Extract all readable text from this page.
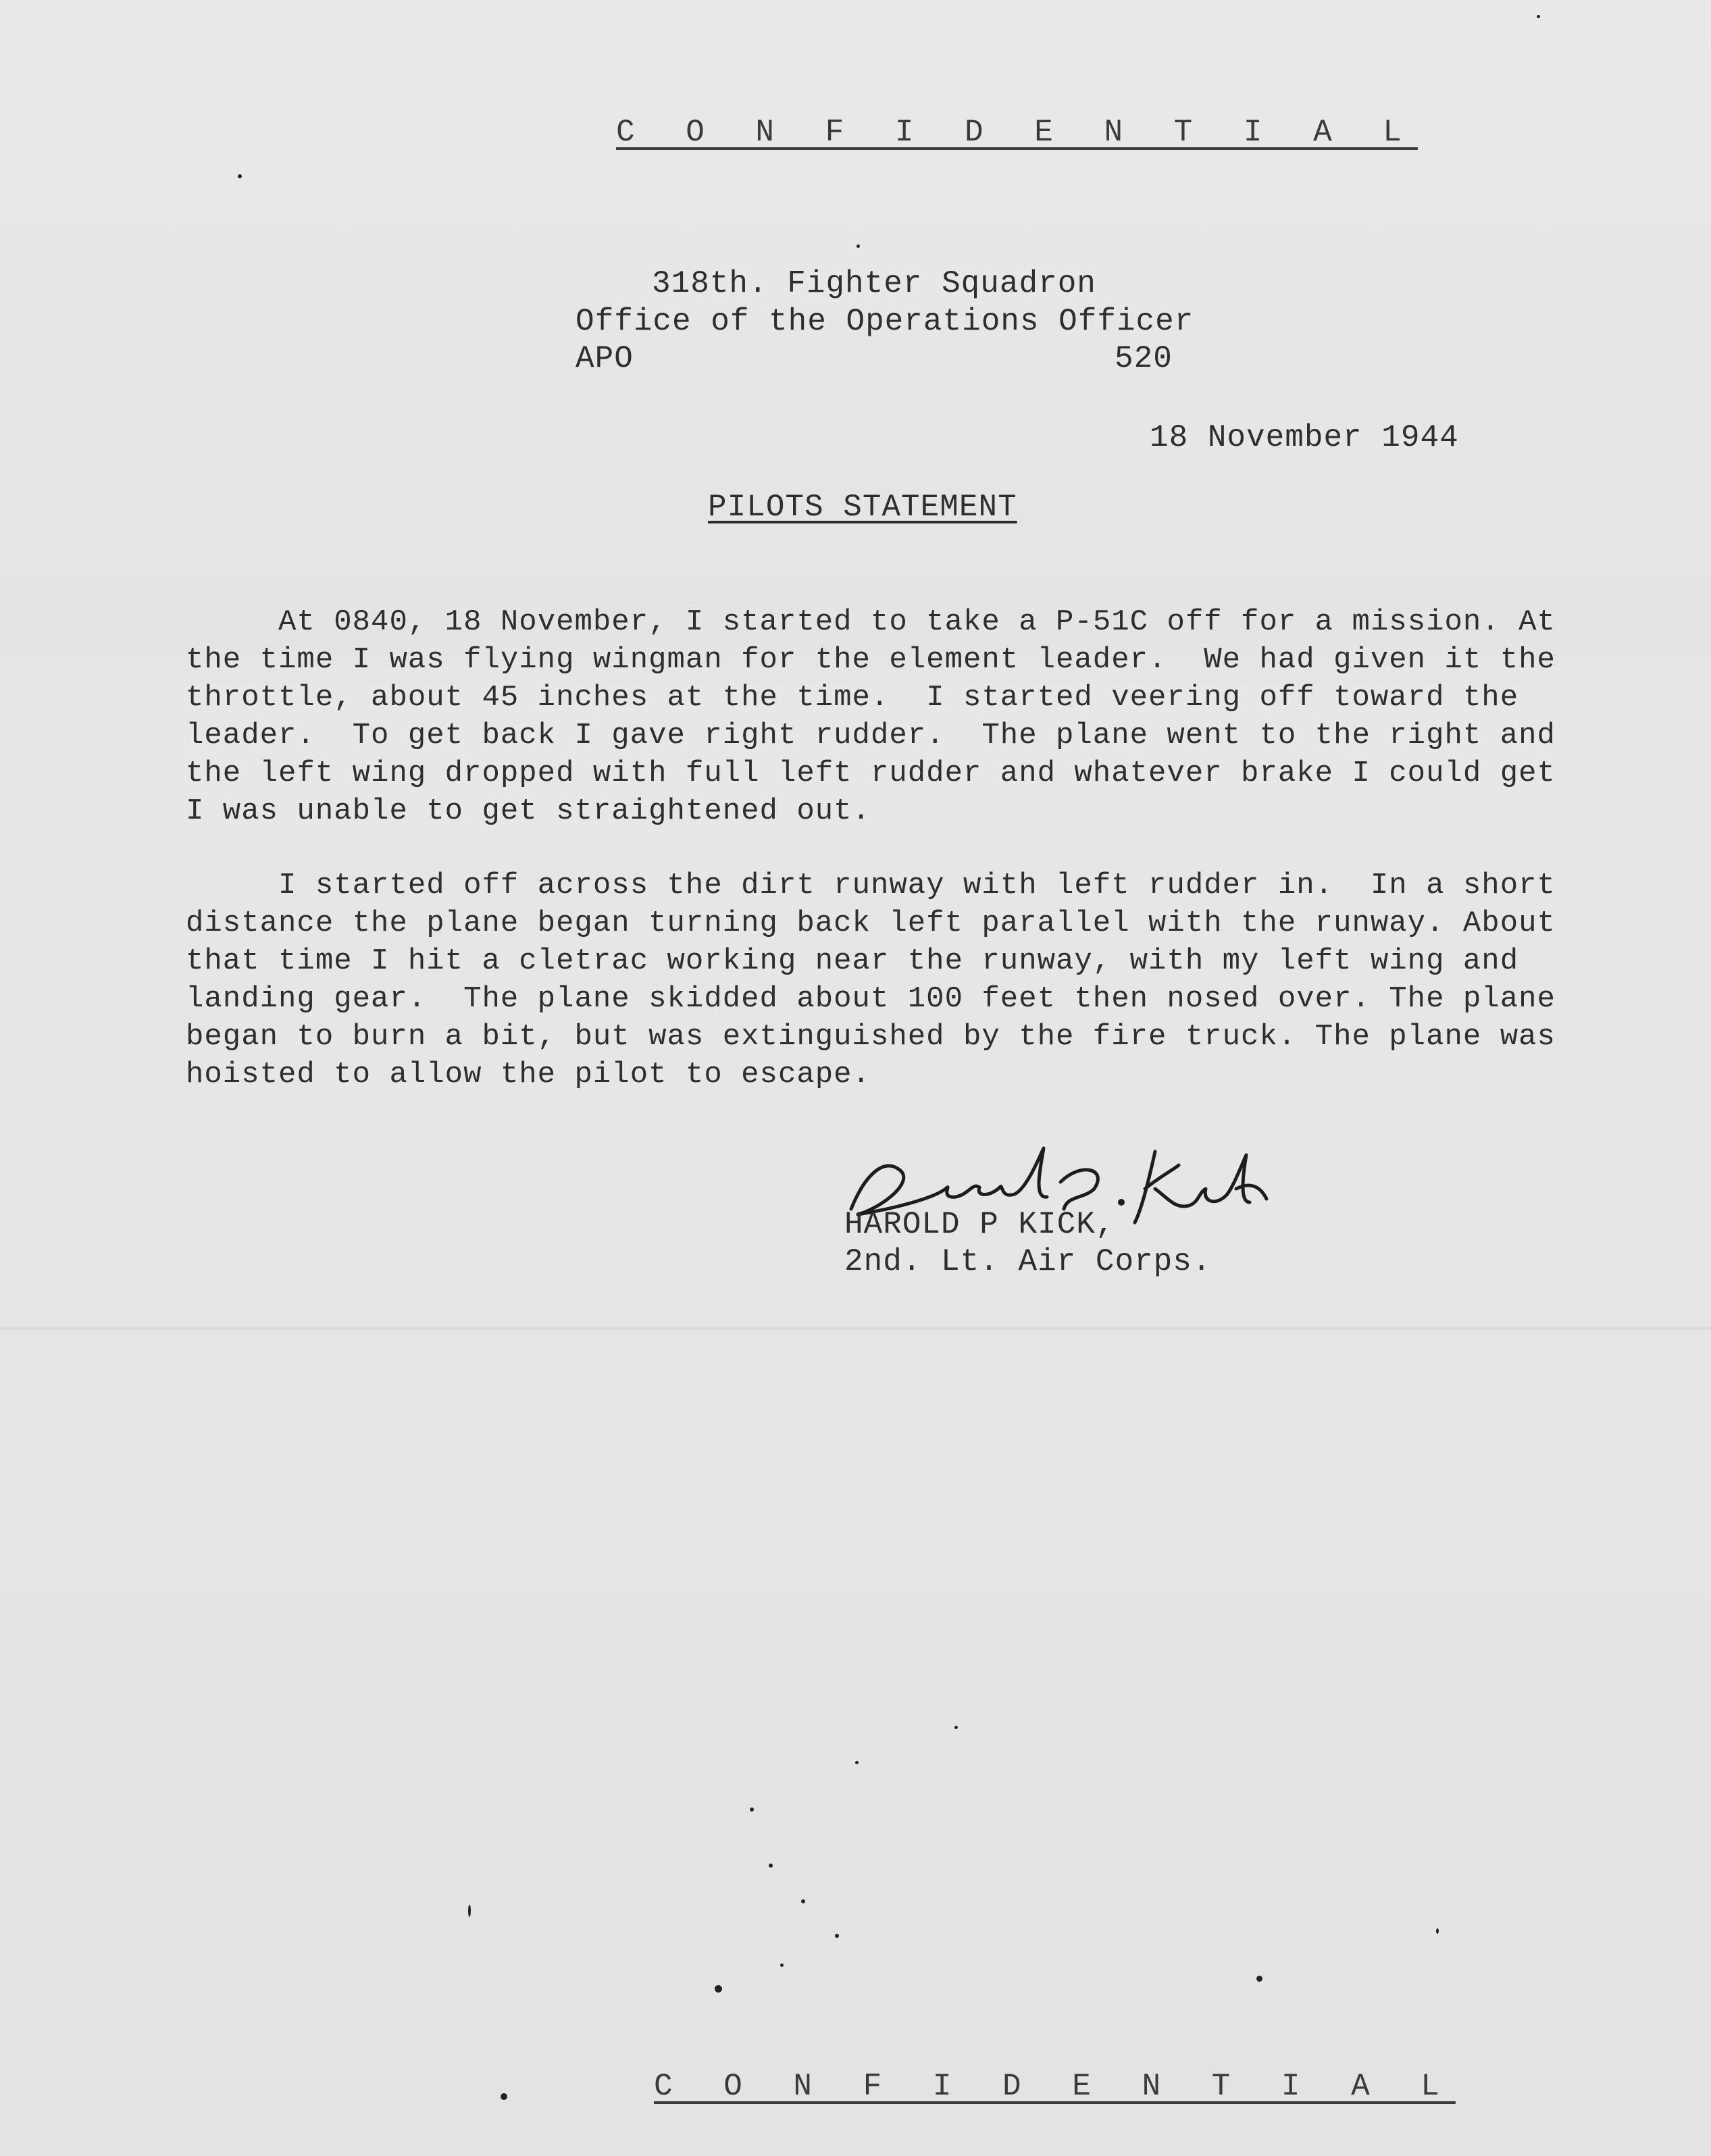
C O N F I D E N T I A L
318th. Fighter Squadron
Office of the Operations Officer
APO	520
18 November 1944
PILOTS STATEMENT
At 0840, 18 November, I started to take a P-51C off for a mission. At the time I was flying wingman for the element leader.  We had given it the throttle, about 45 inches at the time.  I started veering off toward the leader.  To get back I gave right rudder.  The plane went to the right and the left wing dropped with full left rudder and whatever brake I could get I was unable to get straightened out.
I started off across the dirt runway with left rudder in.  In a short distance the plane began turning back left parallel with the runway. About that time I hit a cletrac working near the runway, with my left wing and landing gear.  The plane skidded about 100 feet then nosed over. The plane began to burn a bit, but was extinguished by the fire truck. The plane was hoisted to allow the pilot to escape.
HAROLD P KICK,
2nd. Lt. Air Corps.
C O N F I D E N T I A L
